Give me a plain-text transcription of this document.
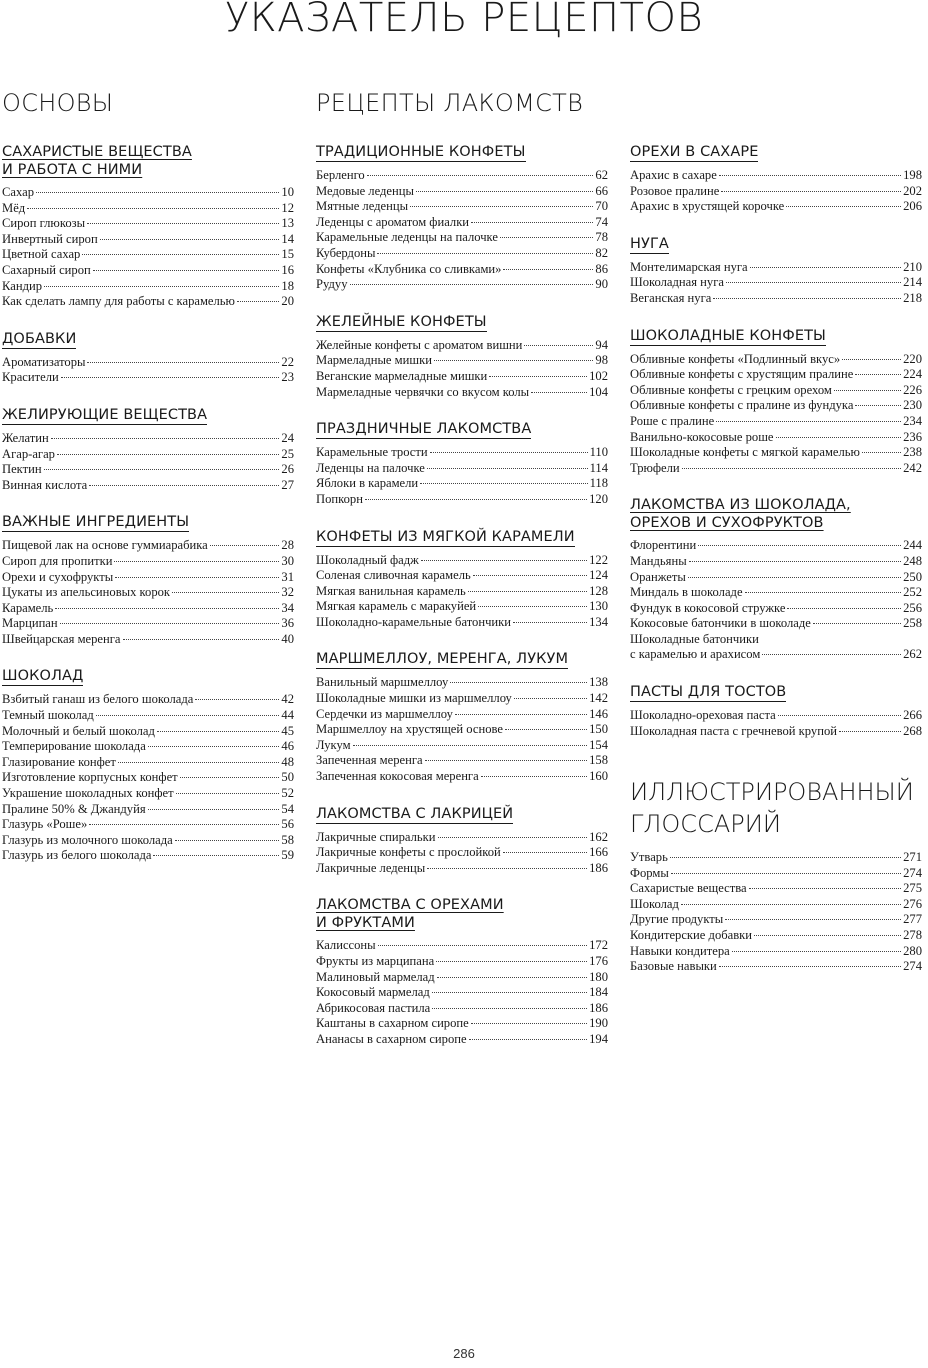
УКАЗАТЕЛЬ РЕЦЕПТОВ
ОСНОВЫ	РЕЦЕПТЫ ЛАКОМСТВ
САХАРИСТЫЕ ВЕЩЕСТВА
И РАБОТА С НИМИ
Сахар	10
Мёд	12
Сироп глюкозы	13
Инвертный сироп	14
Цветной сахар	15
Сахарный сироп	16
Кандир	18
Как сделать лампу для работы с карамелью	20
ДОБАВКИ
Ароматизаторы	22
Красители	23
ЖЕЛИРУЮЩИЕ ВЕЩЕСТВА
Желатин	24
Агар-агар	25
Пектин	26
Винная кислота	27
ВАЖНЫЕ ИНГРЕДИЕНТЫ
Пищевой лак на основе гуммиарабика	28
Сироп для пропитки	30
Орехи и сухофрукты	31
Цукаты из апельсиновых корок	32
Карамель	34
Марципан	36
Швейцарская меренга	40
ШОКОЛАД
Взбитый ганаш из белого шоколада	42
Темный шоколад	44
Молочный и белый шоколад	45
Темперирование шоколада	46
Глазирование конфет	48
Изготовление корпусных конфет	50
Украшение шоколадных конфет	52
Пралине 50% & Джандуйя	54
Глазурь «Роше»	56
Глазурь из молочного шоколада	58
Глазурь из белого шоколада	59
ТРАДИЦИОННЫЕ КОНФЕТЫ
Берленго	62
Медовые леденцы	66
Мятные леденцы	70
Леденцы с ароматом фиалки	74
Карамельные леденцы на палочке	78
Кубердоны	82
Конфеты «Клубника со сливками»	86
Рудуу	90
ЖЕЛЕЙНЫЕ КОНФЕТЫ
Желейные конфеты с ароматом вишни	94
Мармеладные мишки	98
Веганские мармеладные мишки	102
Мармеладные червячки со вкусом колы	104
ПРАЗДНИЧНЫЕ ЛАКОМСТВА
Карамельные трости	110
Леденцы на палочке	114
Яблоки в карамели	118
Попкорн	120
КОНФЕТЫ ИЗ МЯГКОЙ КАРАМЕЛИ
Шоколадный фадж	122
Соленая сливочная карамель	124
Мягкая ванильная карамель	128
Мягкая карамель с маракуйей	130
Шоколадно-карамельные батончики	134
МАРШМЕЛЛОУ, МЕРЕНГА, ЛУКУМ
Ванильный маршмеллоу	138
Шоколадные мишки из маршмеллоу	142
Сердечки из маршмеллоу	146
Маршмеллоу на хрустящей основе	150
Лукум	154
Запеченная меренга	158
Запеченная кокосовая меренга	160
ЛАКОМСТВА С ЛАКРИЦЕЙ
Лакричные спиральки	162
Лакричные конфеты с прослойкой	166
Лакричные леденцы	186
ЛАКОМСТВА С ОРЕХАМИ
И ФРУКТАМИ
Калиссоны	172
Фрукты из марципана	176
Малиновый мармелад	180
Кокосовый мармелад	184
Абрикосовая пастила	186
Каштаны в сахарном сиропе	190
Ананасы в сахарном сиропе	194
ОРЕХИ В САХАРЕ
Арахис в сахаре	198
Розовое пралине	202
Арахис в хрустящей корочке	206
НУГА
Монтелимарская нуга	210
Шоколадная нуга	214
Веганская нуга	218
ШОКОЛАДНЫЕ КОНФЕТЫ
Обливные конфеты «Подлинный вкус»	220
Обливные конфеты с хрустящим пралине	224
Обливные конфеты с грецким орехом	226
Обливные конфеты с пралине из фундука	230
Роше с пралине	234
Ванильно-кокосовые роше	236
Шоколадные конфеты с мягкой карамелью	238
Трюфели	242
ЛАКОМСТВА ИЗ ШОКОЛАДА,
ОРЕХОВ И СУХОФРУКТОВ
Флорентини	244
Мандьяны	248
Оранжеты	250
Миндаль в шоколаде	252
Фундук в кокосовой стружке	256
Кокосовые батончики в шоколаде	258
Шоколадные батончики
с карамелью и арахисом	262
ПАСТЫ ДЛЯ ТОСТОВ
Шоколадно-ореховая паста	266
Шоколадная паста с гречневой крупой	268
ИЛЛЮСТРИРОВАННЫЙ
ГЛОССАРИЙ
Утварь	271
Формы	274
Сахаристые вещества	275
Шоколад	276
Другие продукты	277
Кондитерские добавки	278
Навыки кондитера	280
Базовые навыки	274
286
